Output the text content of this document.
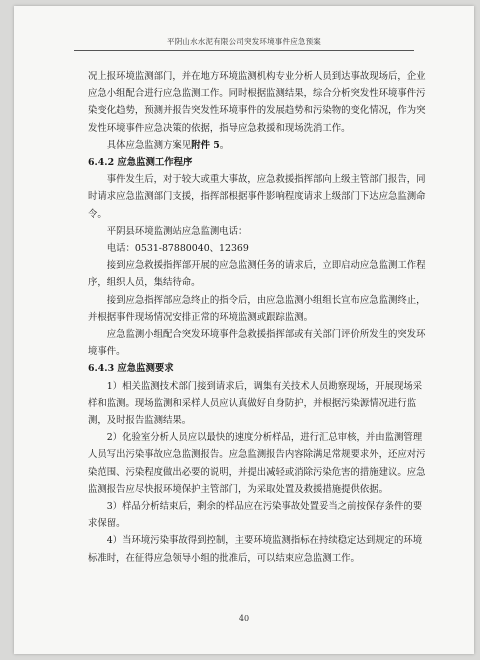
平阴山水水泥有限公司突发环境事件应急预案

况上报环境监测部门，并在地方环境监测机构专业分析人员到达事故现场后，企业应急小组配合进行应急监测工作。同时根据监测结果，综合分析突发性环境事件污染变化趋势，预测并报告突发性环境事件的发展趋势和污染物的变化情况，作为突发性环境事件应急决策的依据，指导应急救援和现场洗消工作。

具体应急监测方案见附件 5。

6.4.2 应急监测工作程序

事件发生后，对于较大或重大事故，应急救援指挥部向上级主管部门报告，同时请求应急监测部门支援，指挥部根据事件影响程度请求上级部门下达应急监测命令。

平阴县环境监测站应急监测电话：

电话：0531-87880040、12369

接到应急救援指挥部开展的应急监测任务的请求后，立即启动应急监测工作程序，组织人员，集结待命。

接到应急指挥部应急终止的指令后，由应急监测小组组长宣布应急监测终止，并根据事件现场情况安排正常的环境监测或跟踪监测。

应急监测小组配合突发环境事件急救援指挥部或有关部门评价所发生的突发环境事件。

6.4.3 应急监测要求

1）相关监测技术部门接到请求后，调集有关技术人员勘察现场，开展现场采样和监测。现场监测和采样人员应认真做好自身防护，并根据污染源情况进行监测，及时报告监测结果。

2）化验室分析人员应以最快的速度分析样品，进行汇总审核，并由监测管理人员写出污染事故应急监测报告。应急监测报告内容除满足常规要求外，还应对污染范围、污染程度做出必要的说明，并提出减轻或消除污染危害的措施建议。应急监测报告应尽快报环境保护主管部门，为采取处置及救援措施提供依据。

3）样品分析结束后，剩余的样品应在污染事故处置妥当之前按保存条件的要求保留。

4）当环境污染事故得到控制，主要环境监测指标在持续稳定达到规定的环境标准时，在征得应急领导小组的批准后，可以结束应急监测工作。

40
